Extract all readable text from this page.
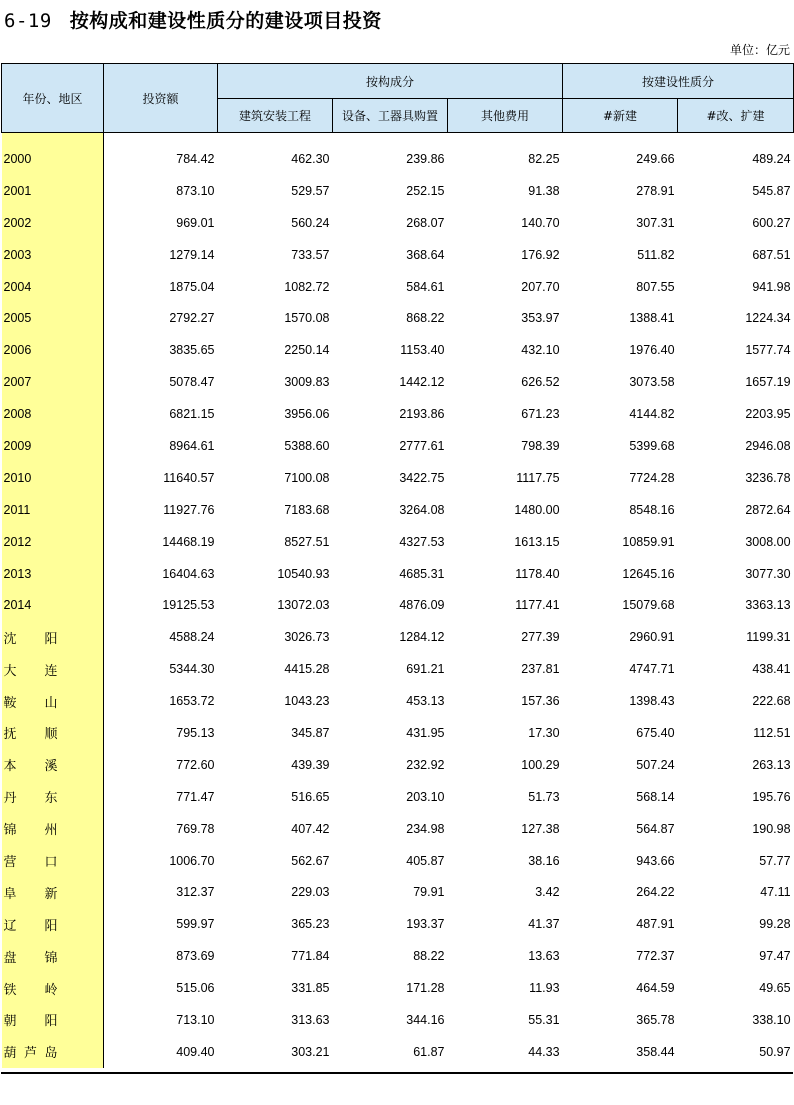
6-19 按构成和建设性质分的建设项目投资
单位：亿元
年份、地区	投资额	按构成分			按建设性质分	
		建筑安装工程	设备、工器具购置	其他费用	#新建	#改、扩建
2000	784.42	462.30	239.86	82.25	249.66	489.24
2001	873.10	529.57	252.15	91.38	278.91	545.87
2002	969.01	560.24	268.07	140.70	307.31	600.27
2003	1279.14	733.57	368.64	176.92	511.82	687.51
2004	1875.04	1082.72	584.61	207.70	807.55	941.98
2005	2792.27	1570.08	868.22	353.97	1388.41	1224.34
2006	3835.65	2250.14	1153.40	432.10	1976.40	1577.74
2007	5078.47	3009.83	1442.12	626.52	3073.58	1657.19
2008	6821.15	3956.06	2193.86	671.23	4144.82	2203.95
2009	8964.61	5388.60	2777.61	798.39	5399.68	2946.08
2010	11640.57	7100.08	3422.75	1117.75	7724.28	3236.78
2011	11927.76	7183.68	3264.08	1480.00	8548.16	2872.64
2012	14468.19	8527.51	4327.53	1613.15	10859.91	3008.00
2013	16404.63	10540.93	4685.31	1178.40	12645.16	3077.30
2014	19125.53	13072.03	4876.09	1177.41	15079.68	3363.13

沈 阳	4588.24	3026.73	1284.12	277.39	2960.91	1199.31

大 连	5344.30	4415.28	691.21	237.81	4747.71	438.41

鞍 山	1653.72	1043.23	453.13	157.36	1398.43	222.68

抚 顺	795.13	345.87	431.95	17.30	675.40	112.51

本 溪	772.60	439.39	232.92	100.29	507.24	263.13

丹 东	771.47	516.65	203.10	51.73	568.14	195.76

锦 州	769.78	407.42	234.98	127.38	564.87	190.98

营 口	1006.70	562.67	405.87	38.16	943.66	57.77

阜 新	312.37	229.03	79.91	3.42	264.22	47.11

辽 阳	599.97	365.23	193.37	41.37	487.91	99.28

盘 锦	873.69	771.84	88.22	13.63	772.37	97.47

铁 岭	515.06	331.85	171.28	11.93	464.59	49.65

朝 阳	713.10	313.63	344.16	55.31	365.78	338.10

葫 芦 岛	409.40	303.21	61.87	44.33	358.44	50.97
